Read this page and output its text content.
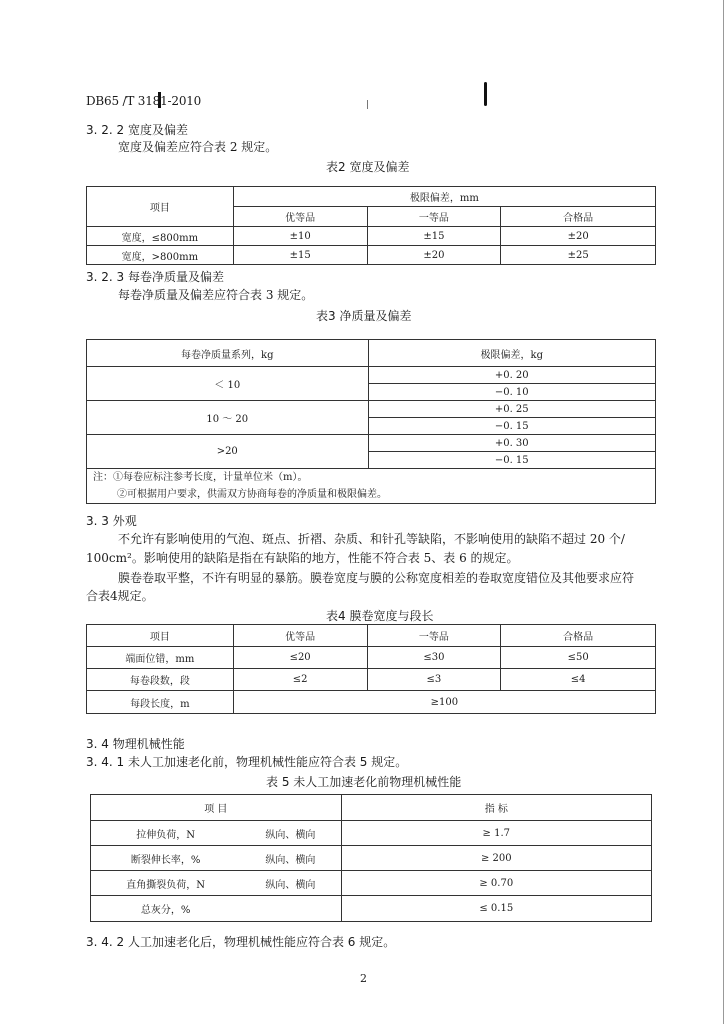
DB65 /T 3181-2010
3. 2. 2 宽度及偏差
宽度及偏差应符合表 2 规定。
表2 宽度及偏差
项目	极限偏差，mm		
	优等品	一等品	合格品
宽度，≤800mm	±10	±15	±20
宽度，>800mm	±15	±20	±25
3. 2. 3 每卷净质量及偏差
每卷净质量及偏差应符合表 3 规定。
表3 净质量及偏差
每卷净质量系列，kg	极限偏差，kg
＜ 10	+0. 20
	−0. 10
10 ～ 20	+0. 25
	−0. 15
>20	+0. 30
	−0. 15

注：①每卷应标注参考长度，计量单位米（m）。
②可根据用户要求，供需双方协商每卷的净质量和极限偏差。	
3. 3 外观
不允许有影响使用的气泡、斑点、折褶、杂质、和针孔等缺陷，不影响使用的缺陷不超过 20 个/
100cm²。影响使用的缺陷是指在有缺陷的地方，性能不符合表 5、表 6 的规定。
膜卷卷取平整，不许有明显的暴筋。膜卷宽度与膜的公称宽度相差的卷取宽度错位及其他要求应符
合表4规定。
表4 膜卷宽度与段长
项目	优等品	一等品	合格品
端面位错，mm	≤20	≤30	≤50
每卷段数，段	≤2	≤3	≤4
每段长度，m	≥100		
3. 4 物理机械性能
3. 4. 1 未人工加速老化前，物理机械性能应符合表 5 规定。
表 5 未人工加速老化前物理机械性能
项 目		指 标
拉伸负荷，N	纵向、横向	≥ 1.7
断裂伸长率，%	纵向、横向	≥ 200
直角撕裂负荷，N	纵向、横向	≥ 0.70
总灰分，%		≤ 0.15
3. 4. 2 人工加速老化后，物理机械性能应符合表 6 规定。
2
